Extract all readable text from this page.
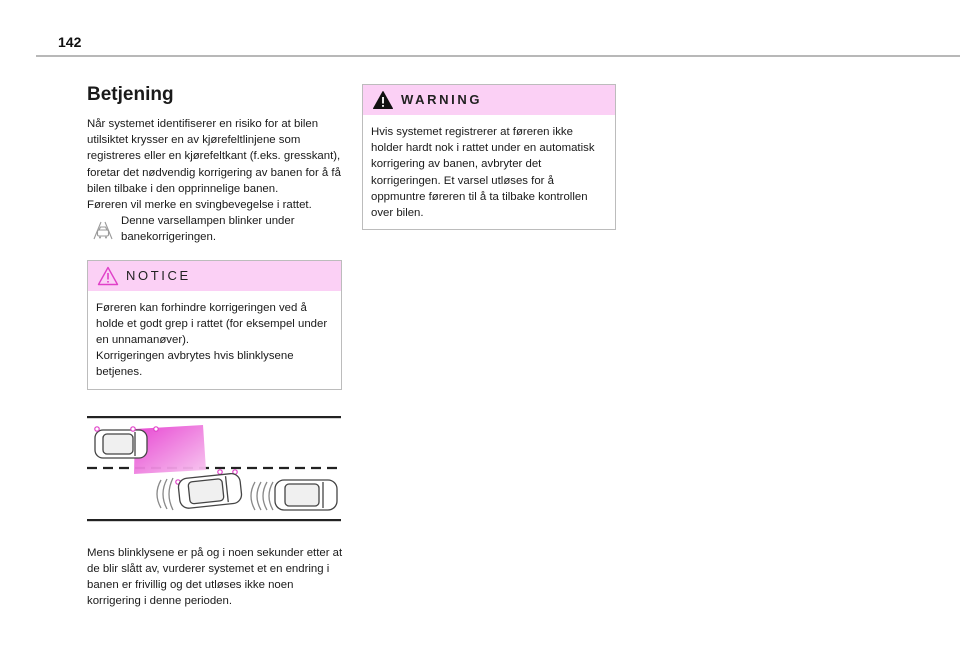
142
Betjening

Når systemet identifiserer en risiko for at bilen utilsiktet krysser en av kjørefeltlinjene som registreres eller en kjørefeltkant (f.eks. gresskant), foretar det nødvendig korrigering av banen for å få bilen tilbake i den opprinnelige banen.

Føreren vil merke en svingbevegelse i rattet.

Denne varsellampen blinker under banekorrigeringen.

NOTICE

Føreren kan forhindre korrigeringen ved å holde et godt grep i rattet (for eksempel under en unnamanøver).

Korrigeringen avbrytes hvis blinklysene betjenes.

Mens blinklysene er på og i noen sekunder etter at de blir slått av, vurderer systemet et en endring i banen er frivillig og det utløses ikke noen korrigering i denne perioden.

WARNING

Hvis systemet registrerer at føreren ikke holder hardt nok i rattet under en automatisk korrigering av banen, avbryter det korrigeringen. Et varsel utløses for å oppmuntre føreren til å ta tilbake kontrollen over bilen.
